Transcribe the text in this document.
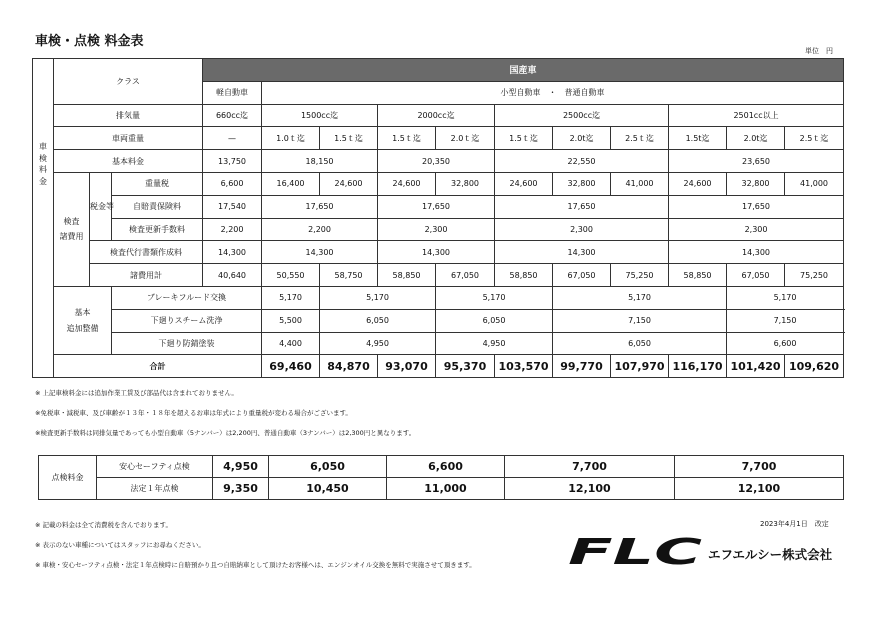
車検・点検 料金表
単位　円
車
検
料
金	クラス			国産車											
				軽自動車	小型自動車　・　普通自動車										
	排気量			660cc迄	1500cc迄		2000cc迄		2500cc迄			2501cc以上			
	車両重量			—	1.0ｔ迄	1.5ｔ迄	1.5ｔ迄	2.0ｔ迄	1.5ｔ迄	2.0t迄	2.5ｔ迄	1.5t迄	2.0t迄	2.5ｔ迄	
	基本料金			13,750	18,150		20,350		22,550			23,650			
	検査
諸費用	税金等	重量税	6,600	16,400	24,600	24,600	32,800	24,600	32,800	41,000	24,600	32,800	41,000	
			自賠責保険料	17,540	17,650		17,650		17,650			17,650			
			検査更新手数料	2,200	2,200		2,300		2,300			2,300			
		検査代行書類作成料		14,300	14,300		14,300		14,300			14,300			
		諸費用計		40,640	50,550	58,750	58,850	67,050	58,850	67,050	75,250	58,850	67,050	75,250	
	基本
追加整備		ブレーキフルード交換		5,170	5,170		5,170		5,170			5,170		
			下廻りスチーム洗浄		5,500	6,050		6,050		7,150			7,150		
			下廻り防錆塗装		4,400	4,950		4,950		6,050			6,600		
	合計				69,460	84,870	93,070	95,370	103,570	99,770	107,970	116,170	101,420	109,620	
※ 上記車検料金には追加作業工賃及び部品代は含まれておりません。
※免税車・減税車、及び車齢が１３年・１８年を超えるお車は年式により重量税が変わる場合がございます。
※検査更新手数料は同排気量であっても小型自動車（5ナンバー）は2,200円、普通自動車（3ナンバー）は2,300円と異なります。
点検料金	安心セーフティ点検	4,950	6,050	6,600	7,700	7,700
	法定１年点検	9,350	10,450	11,000	12,100	12,100
※ 記載の料金は全て消費税を含んでおります。
※ 表示のない車種についてはスタッフにお尋ねください。
※ 車検・安心セーフティ点検・法定１年点検時に自賠預かり且つ自賠納車として頂けたお客様へは、エンジンオイル交換を無料で実施させて頂きます。
2023年4月1日　改定
FLC エフエルシー株式会社
